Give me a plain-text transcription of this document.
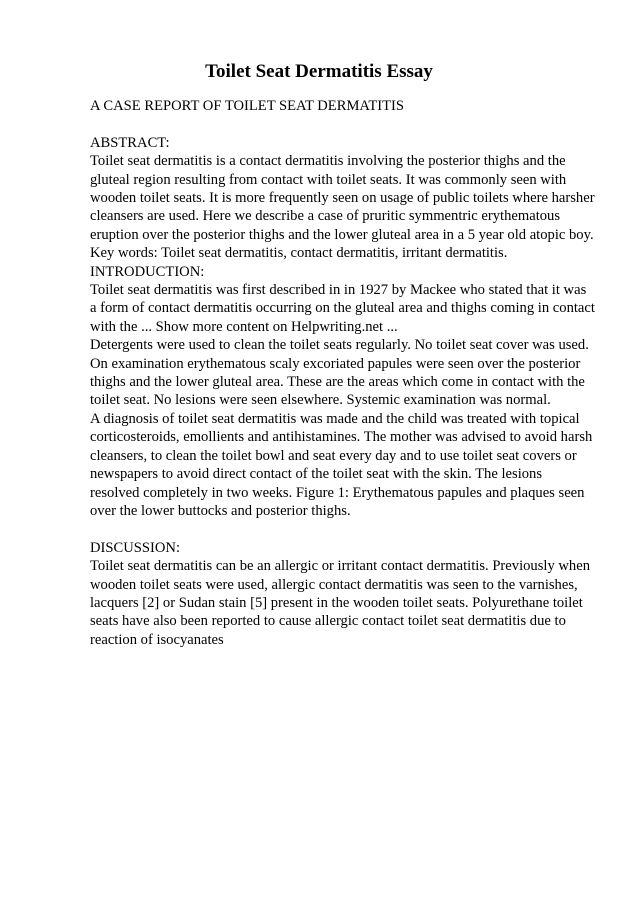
Toilet Seat Dermatitis Essay

A CASE REPORT OF TOILET SEAT DERMATITIS

ABSTRACT:

Toilet seat dermatitis is a contact dermatitis involving the posterior thighs and the gluteal region resulting from contact with toilet seats. It was commonly seen with wooden toilet seats. It is more frequently seen on usage of public toilets where harsher cleansers are used. Here we describe a case of pruritic symmentric erythematous eruption over the posterior thighs and the lower gluteal area in a 5 year old atopic boy.

Key words: Toilet seat dermatitis, contact dermatitis, irritant dermatitis.

INTRODUCTION:

Toilet seat dermatitis was first described in in 1927 by Mackee who stated that it was a form of contact dermatitis occurring on the gluteal area and thighs coming in contact with the ... Show more content on Helpwriting.net ...

Detergents were used to clean the toilet seats regularly. No toilet seat cover was used. On examination erythematous scaly excoriated papules were seen over the posterior thighs and the lower gluteal area. These are the areas which come in contact with the toilet seat. No lesions were seen elsewhere. Systemic examination was normal.

A diagnosis of toilet seat dermatitis was made and the child was treated with topical corticosteroids, emollients and antihistamines. The mother was advised to avoid harsh cleansers, to clean the toilet bowl and seat every day and to use toilet seat covers or newspapers to avoid direct contact of the toilet seat with the skin. The lesions resolved completely in two weeks. Figure 1: Erythematous papules and plaques seen over the lower buttocks and posterior thighs.

DISCUSSION:

Toilet seat dermatitis can be an allergic or irritant contact dermatitis. Previously when wooden toilet seats were used, allergic contact dermatitis was seen to the varnishes, lacquers [2] or Sudan stain [5] present in the wooden toilet seats. Polyurethane toilet seats have also been reported to cause allergic contact toilet seat dermatitis due to reaction of isocyanates
